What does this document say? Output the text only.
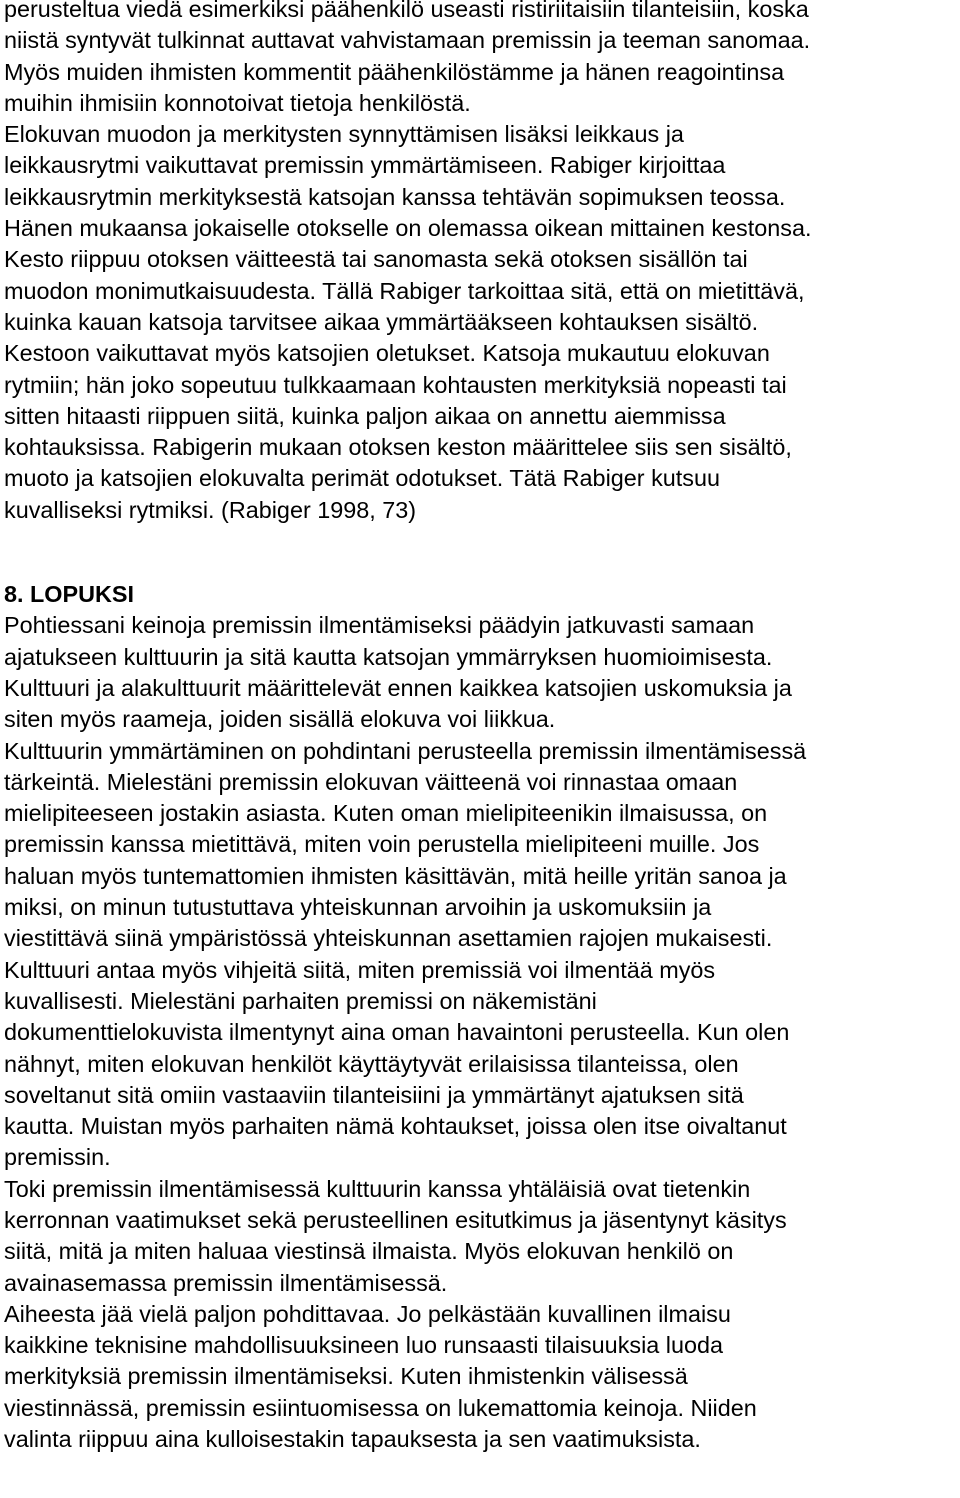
perusteltua viedä esimerkiksi päähenkilö useasti ristiriitaisiin tilanteisiin, koska
niistä syntyvät tulkinnat auttavat vahvistamaan premissin ja teeman sanomaa.
Myös muiden ihmisten kommentit päähenkilöstämme ja hänen reagointinsa
muihin ihmisiin konnotoivat tietoja henkilöstä.
Elokuvan muodon ja merkitysten synnyttämisen lisäksi leikkaus ja
leikkausrytmi vaikuttavat premissin ymmärtämiseen. Rabiger kirjoittaa
leikkausrytmin merkityksestä katsojan kanssa tehtävän sopimuksen teossa.
Hänen mukaansa jokaiselle otokselle on olemassa oikean mittainen kestonsa.
Kesto riippuu otoksen väitteestä tai sanomasta sekä otoksen sisällön tai
muodon monimutkaisuudesta. Tällä Rabiger tarkoittaa sitä, että on mietittävä,
kuinka kauan katsoja tarvitsee aikaa ymmärtääkseen kohtauksen sisältö.
Kestoon vaikuttavat myös katsojien oletukset. Katsoja mukautuu elokuvan
rytmiin; hän joko sopeutuu tulkkaamaan kohtausten merkityksiä nopeasti tai
sitten hitaasti riippuen siitä, kuinka paljon aikaa on annettu aiemmissa
kohtauksissa. Rabigerin mukaan otoksen keston määrittelee siis sen sisältö,
muoto ja katsojien elokuvalta perimät odotukset. Tätä Rabiger kutsuu
kuvalliseksi rytmiksi. (Rabiger 1998, 73)
8. LOPUKSI
Pohtiessani keinoja premissin ilmentämiseksi päädyin jatkuvasti samaan
ajatukseen kulttuurin ja sitä kautta katsojan ymmärryksen huomioimisesta.
Kulttuuri ja alakulttuurit määrittelevät ennen kaikkea katsojien uskomuksia ja
siten myös raameja, joiden sisällä elokuva voi liikkua.
Kulttuurin ymmärtäminen on pohdintani perusteella premissin ilmentämisessä
tärkeintä. Mielestäni premissin elokuvan väitteenä voi rinnastaa omaan
mielipiteeseen jostakin asiasta. Kuten oman mielipiteenikin ilmaisussa, on
premissin kanssa mietittävä, miten voin perustella mielipiteeni muille. Jos
haluan myös tuntemattomien ihmisten käsittävän, mitä heille yritän sanoa ja
miksi, on minun tutustuttava yhteiskunnan arvoihin ja uskomuksiin ja
viestittävä siinä ympäristössä yhteiskunnan asettamien rajojen mukaisesti.
Kulttuuri antaa myös vihjeitä siitä, miten premissiä voi ilmentää myös
kuvallisesti. Mielestäni parhaiten premissi on näkemistäni
dokumenttielokuvista ilmentynyt aina oman havaintoni perusteella. Kun olen
nähnyt, miten elokuvan henkilöt käyttäytyvät erilaisissa tilanteissa, olen
soveltanut sitä omiin vastaaviin tilanteisiini ja ymmärtänyt ajatuksen sitä
kautta. Muistan myös parhaiten nämä kohtaukset, joissa olen itse oivaltanut
premissin.
Toki premissin ilmentämisessä kulttuurin kanssa yhtäläisiä ovat tietenkin
kerronnan vaatimukset sekä perusteellinen esitutkimus ja jäsentynyt käsitys
siitä, mitä ja miten haluaa viestinsä ilmaista. Myös elokuvan henkilö on
avainasemassa premissin ilmentämisessä.
Aiheesta jää vielä paljon pohdittavaa. Jo pelkästään kuvallinen ilmaisu
kaikkine teknisine mahdollisuuksineen luo runsaasti tilaisuuksia luoda
merkityksiä premissin ilmentämiseksi. Kuten ihmistenkin välisessä
viestinnässä, premissin esiintuomisessa on lukemattomia keinoja. Niiden
valinta riippuu aina kulloisestakin tapauksesta ja sen vaatimuksista.
